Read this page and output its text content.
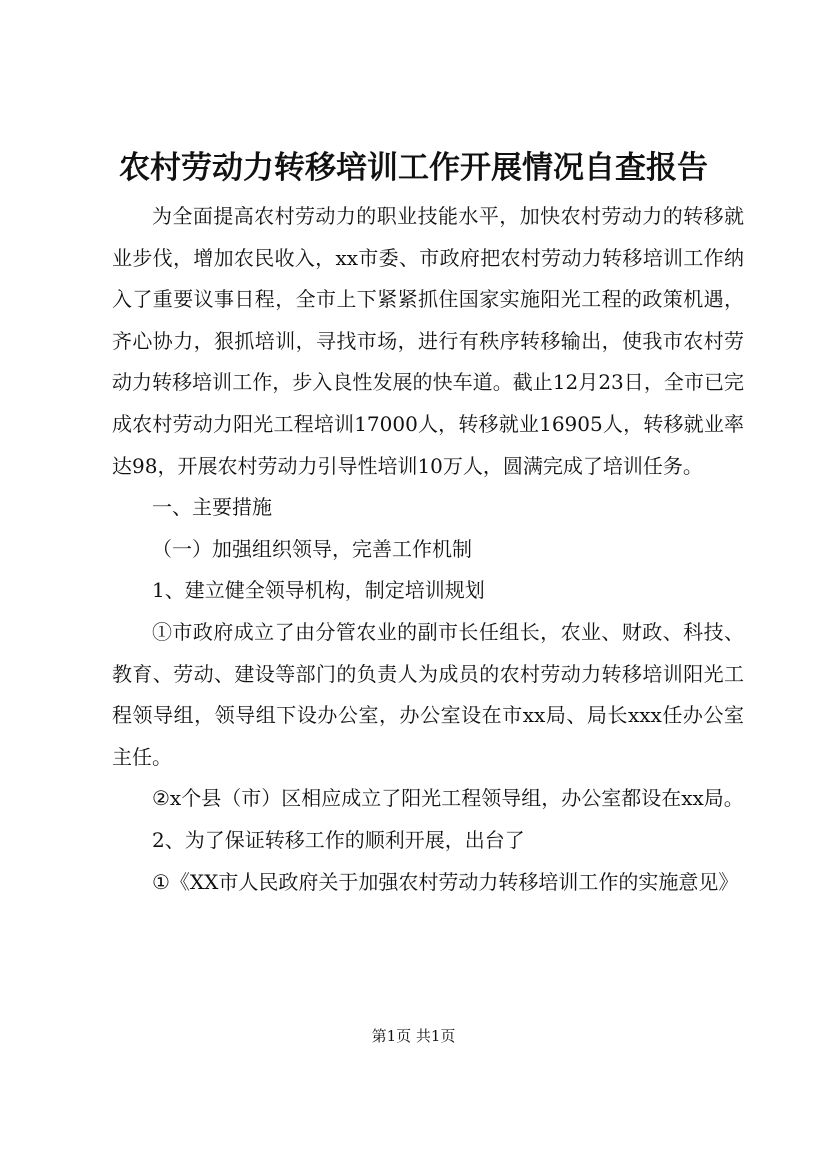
农村劳动力转移培训工作开展情况自查报告

为全面提高农村劳动力的职业技能水平，加快农村劳动力的转移就业步伐，增加农民收入，xx市委、市政府把农村劳动力转移培训工作纳入了重要议事日程，全市上下紧紧抓住国家实施阳光工程的政策机遇，齐心协力，狠抓培训，寻找市场，进行有秩序转移输出，使我市农村劳动力转移培训工作，步入良性发展的快车道。截止12月23日，全市已完成农村劳动力阳光工程培训17000人，转移就业16905人，转移就业率达98，开展农村劳动力引导性培训10万人，圆满完成了培训任务。

一、主要措施

（一）加强组织领导，完善工作机制

1、建立健全领导机构，制定培训规划

①市政府成立了由分管农业的副市长任组长，农业、财政、科技、教育、劳动、建设等部门的负责人为成员的农村劳动力转移培训阳光工程领导组，领导组下设办公室，办公室设在市xx局、局长xxx任办公室主任。

②x个县（市）区相应成立了阳光工程领导组，办公室都设在xx局。

2、为了保证转移工作的顺利开展，出台了

①《XX市人民政府关于加强农村劳动力转移培训工作的实施意见》

第1页 共1页
